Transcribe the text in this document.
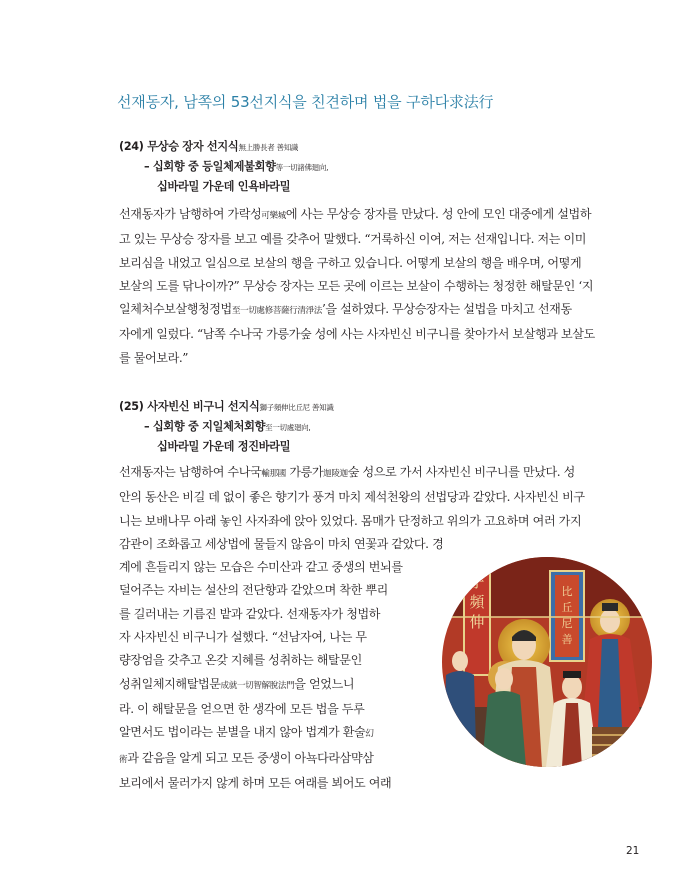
선재동자, 남쪽의 53선지식을 친견하며 법을 구하다求法行
(24) 무상승 장자 선지식無上勝長者 善知識
– 십회향 중 등일체제불회향等一切諸佛廻向,
십바라밀 가운데 인욕바라밀

선재동자가 남행하여 가락성可樂城에 사는 무상승 장자를 만났다. 성 안에 모인 대중에게 설법하

고 있는 무상승 장자를 보고 예를 갖추어 말했다. “거룩하신 이여, 저는 선재입니다. 저는 이미

보리심을 내었고 일심으로 보살의 행을 구하고 있습니다. 어떻게 보살의 행을 배우며, 어떻게

보살의 도를 닦나이까?” 무상승 장자는 모든 곳에 이르는 보살이 수행하는 청정한 해탈문인 ‘지

일체처수보살행청정법至一切處修菩薩行清淨法’을 설하였다. 무상승장자는 설법을 마치고 선재동

자에게 일렀다. “남쪽 수나국 가릉가숲 성에 사는 사자빈신 비구니를 찾아가서 보살행과 보살도

를 물어보라.”

(25) 사자빈신 비구니 선지식獅子頻伸比丘尼 善知識
– 십회향 중 지일체처회향至一切處廻向,
십바라밀 가운데 정진바라밀

선재동자는 남행하여 수나국輸那國 가릉가迦陵迦숲 성으로 가서 사자빈신 비구니를 만났다. 성

안의 동산은 비길 데 없이 좋은 향기가 풍겨 마치 제석천왕의 선법당과 같았다. 사자빈신 비구

니는 보배나무 아래 놓인 사자좌에 앉아 있었다. 몸매가 단정하고 위의가 고요하며 여러 가지

감관이 조화롭고 세상법에 물들지 않음이 마치 연꽃과 같았다. 경

계에 흔들리지 않는 모습은 수미산과 같고 중생의 번뇌를

덜어주는 자비는 설산의 전단향과 같았으며 착한 뿌리

를 길러내는 기름진 밭과 같았다. 선재동자가 청법하

자 사자빈신 비구니가 설했다. “선남자여, 나는 무

량장엄을 갖추고 온갖 지혜를 성취하는 해탈문인

성취일체지해탈법문成就一切智解脫法門을 얻었느니

라. 이 해탈문을 얻으면 한 생각에 모든 법을 두루

알면서도 법이라는 분별을 내지 않아 법계가 환술幻

術과 같음을 알게 되고 모든 중생이 아뇩다라삼먁삼

보리에서 물러가지 않게 하며 모든 여래를 뵈어도 여래

子
頻
伸
比
丘
尼
善
21
